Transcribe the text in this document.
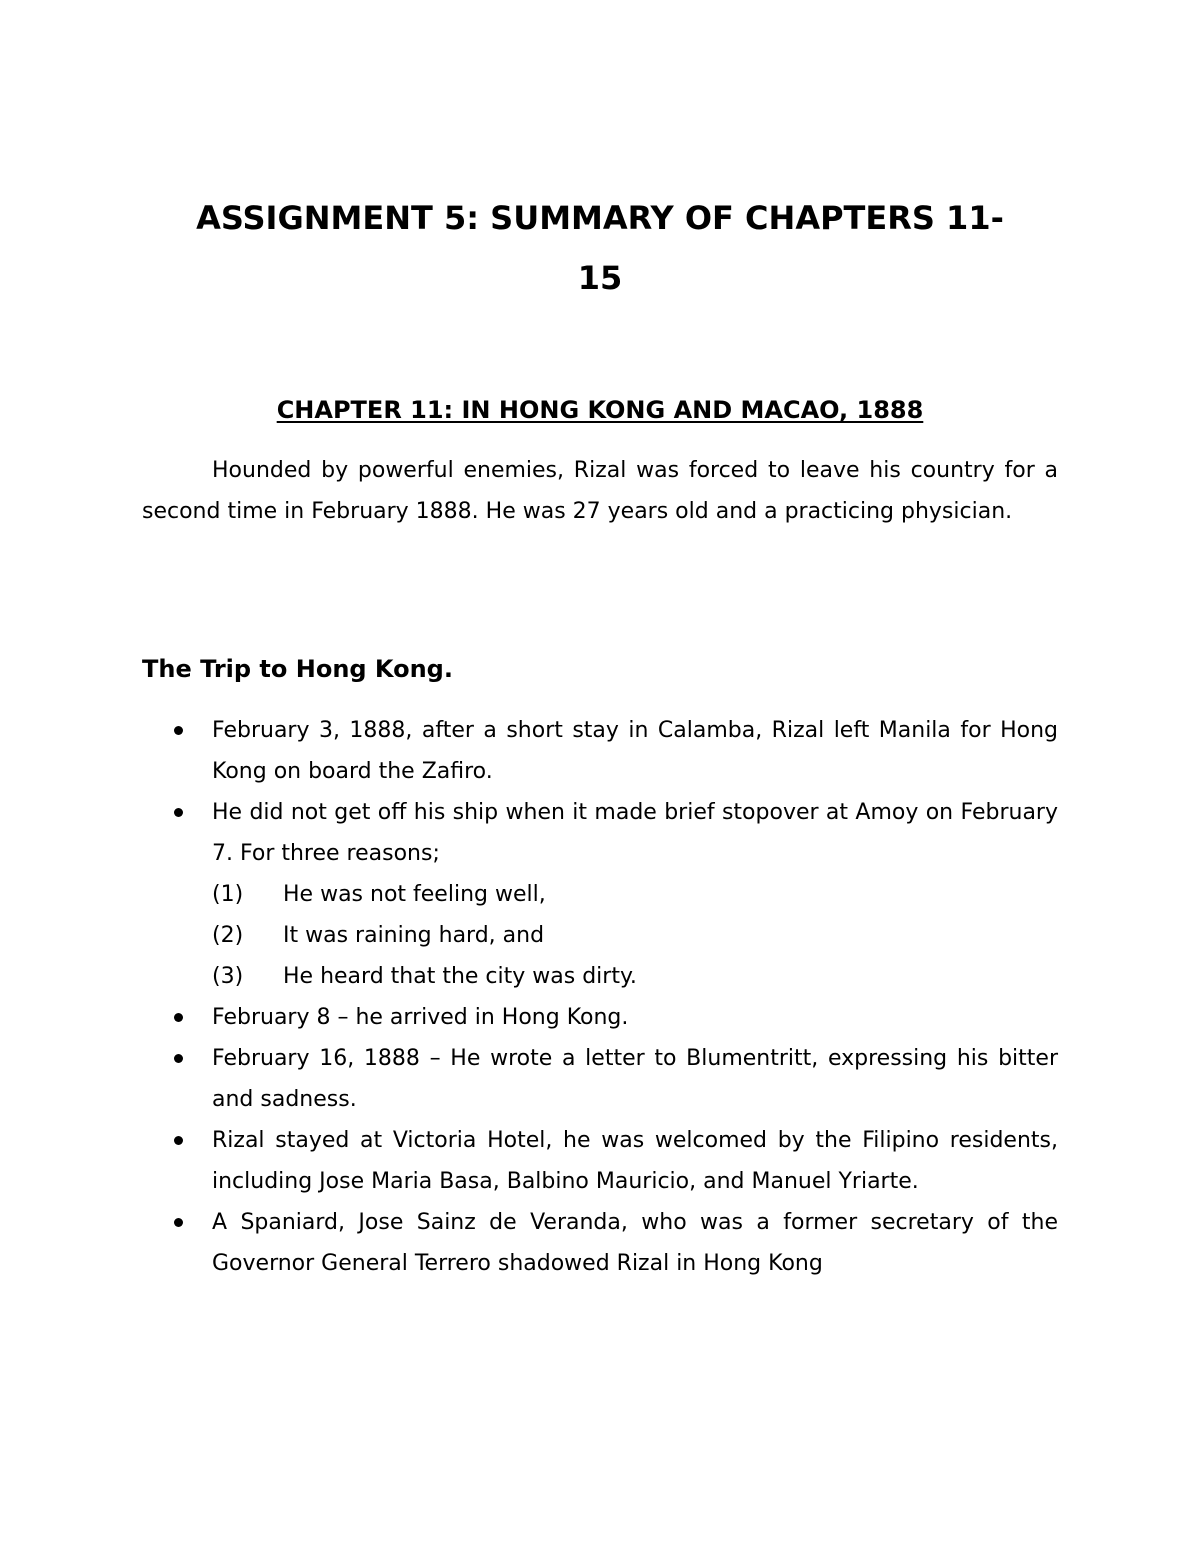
ASSIGNMENT 5: SUMMARY OF CHAPTERS 11-
15
CHAPTER 11: IN HONG KONG AND MACAO, 1888

Hounded by powerful enemies, Rizal was forced to leave his country for a second time in February 1888. He was 27 years old and a practicing physician.

The Trip to Hong Kong.
February 3, 1888, after a short stay in Calamba, Rizal left Manila for Hong Kong on board the Zafiro.
He did not get off his ship when it made brief stopover at Amoy on February 7. For three reasons;
(1)	He was not feeling well,
(2)	It was raining hard, and
(3)	He heard that the city was dirty.
February 8 – he arrived in Hong Kong.
February 16, 1888 – He wrote a letter to Blumentritt, expressing his bitter and sadness.
Rizal stayed at Victoria Hotel, he was welcomed by the Filipino residents, including Jose Maria Basa, Balbino Mauricio, and Manuel Yriarte.
A Spaniard, Jose Sainz de Veranda, who was a former secretary of the Governor General Terrero shadowed Rizal in Hong Kong
